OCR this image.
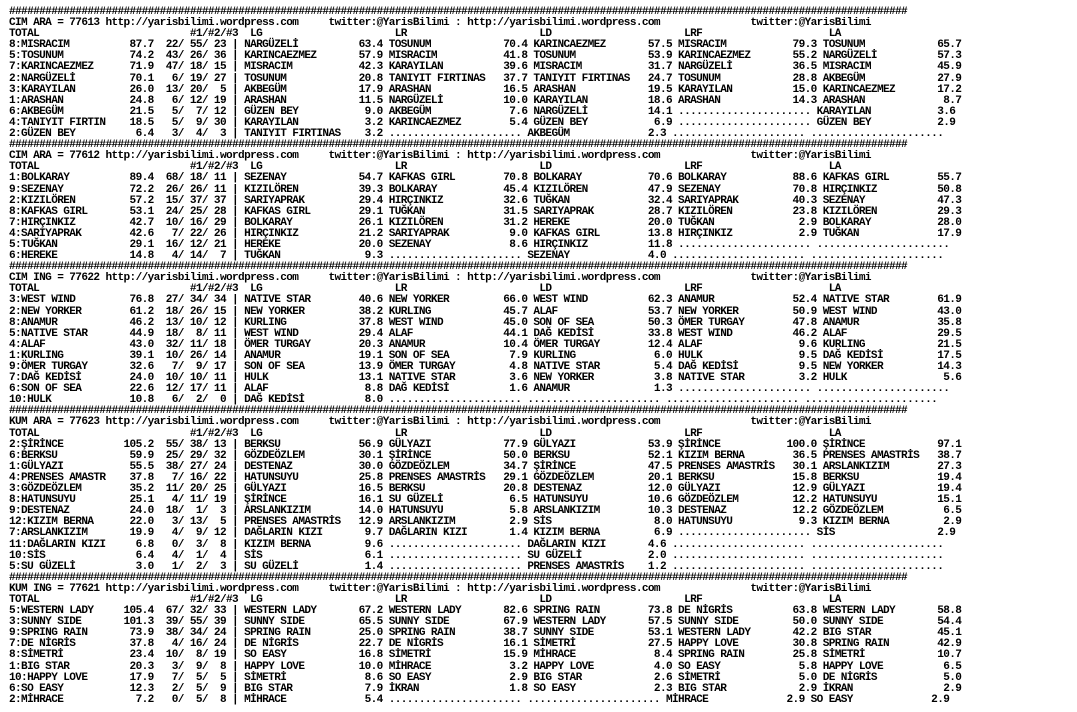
#####################################################################################################################################################
CIM ARA = 77613 http://yarisbilimi.wordpress.com     twitter:@YarisBilimi : http://yarisbilimi.wordpress.com               twitter:@YarisBilimi
TOTAL                         #1/#2/#3  LG                      LR                      LD                      LRF                     LA
8:MISRACIM          87.7  22/ 55/ 23 | NARGÜZELİ          63.4 TOSUNUM            70.4 KARINCAEZMEZ       57.5 MISRACIM           79.3 TOSUNUM            65.7
5:TOSUNUM           74.2  43/ 26/ 36 | KARINCAEZMEZ       57.9 MISRACIM           41.8 TOSUNUM            53.9 KARINCAEZMEZ       55.2 NARGÜZELİ          57.3
7:KARINCAEZMEZ      71.9  47/ 18/ 15 | MISRACIM           42.3 KARAYILAN          39.6 MISRACIM           31.7 NARGÜZELİ          36.5 MISRACIM           45.9
2:NARGÜZELİ         70.1   6/ 19/ 27 | TOSUNUM            20.8 TANIYIT FIRTINAS   37.7 TANIYIT FIRTINAS   24.7 TOSUNUM            28.8 AKBEGÜM            27.9
3:KARAYILAN         26.0  13/ 20/  5 | AKBEGÜM            17.9 ARASHAN            16.5 ARASHAN            19.5 KARAYILAN          15.0 KARINCAEZMEZ       17.2
1:ARASHAN           24.8   6/ 12/ 19 | ARASHAN            11.5 NARGÜZELİ          10.0 KARAYILAN          18.6 ARASHAN            14.3 ARASHAN             8.7
6:AKBEGÜM           21.5   5/  7/ 12 | GÜZEN BEY           9.0 AKBEGÜM             7.6 NARGÜZELİ          14.1 ...................... KARAYILAN           3.6
4:TANIYIT FIRTIN    18.5   5/  9/ 30 | KARAYILAN           3.2 KARINCAEZMEZ        5.4 GÜZEN BEY           6.9 ...................... GÜZEN BEY           2.9
2:GÜZEN BEY          6.4   3/  4/  3 | TANIYIT FIRTINAS    3.2 ...................... AKBEGÜM             2.3 ...................... ......................
#####################################################################################################################################################
CIM ARA = 77612 http://yarisbilimi.wordpress.com     twitter:@YarisBilimi : http://yarisbilimi.wordpress.com               twitter:@YarisBilimi
TOTAL                         #1/#2/#3  LG                      LR                      LD                      LRF                     LA
1:BOLKARAY          89.4  68/ 18/ 11 | SEZENAY            54.7 KAFKAS GIRL        70.8 BOLKARAY           70.6 BOLKARAY           88.6 KAFKAS GIRL        55.7
9:SEZENAY           72.2  26/ 26/ 11 | KIZILÖREN          39.3 BOLKARAY           45.4 KIZILÖREN          47.9 SEZENAY            70.8 HIRÇINKIZ          50.8
2:KIZILÖREN         57.2  15/ 37/ 37 | SARIYAPRAK         29.4 HIRÇINKIZ          32.6 TUĞKAN             32.4 SARIYAPRAK         40.3 SEZENAY            47.3
8:KAFKAS GIRL       53.1  24/ 25/ 28 | KAFKAS GIRL        29.1 TUĞKAN             31.5 SARIYAPRAK         28.7 KIZILÖREN          23.8 KIZILÖREN          29.3
7:HIRÇINKIZ         42.7  10/ 16/ 29 | BOLKARAY           26.1 KIZILÖREN          31.2 HEREKE             20.0 TUĞKAN              2.9 BOLKARAY           28.0
4:SARIYAPRAK        42.6   7/ 22/ 26 | HIRÇINKIZ          21.2 SARIYAPRAK          9.0 KAFKAS GIRL        13.8 HIRÇINKIZ           2.9 TUĞKAN             17.9
5:TUĞKAN            29.1  16/ 12/ 21 | HEREKE             20.0 SEZENAY             8.6 HIRÇINKIZ          11.8 ...................... ......................
6:HEREKE            14.8   4/ 14/  7 | TUĞKAN              9.3 ...................... SEZENAY             4.0 ...................... ......................
#####################################################################################################################################################
CIM ING = 77622 http://yarisbilimi.wordpress.com     twitter:@YarisBilimi : http://yarisbilimi.wordpress.com               twitter:@YarisBilimi
TOTAL                         #1/#2/#3  LG                      LR                      LD                      LRF                     LA
3:WEST WIND         76.8  27/ 34/ 34 | NATIVE STAR        40.6 NEW YORKER         66.0 WEST WIND          62.3 ANAMUR             52.4 NATIVE STAR        61.9
2:NEW YORKER        61.2  18/ 26/ 15 | NEW YORKER         38.2 KURLING            45.7 ALAF               53.7 NEW YORKER         50.9 WEST WIND          43.0
8:ANAMUR            46.2  13/ 10/ 12 | KURLING            37.8 WEST WIND          45.0 SON OF SEA         50.3 ÖMER TURGAY        47.8 ANAMUR             35.8
5:NATIVE STAR       44.9  18/  8/ 11 | WEST WIND          29.4 ALAF               44.1 DAĞ KEDİSİ         33.8 WEST WIND          46.2 ALAF               29.5
4:ALAF              43.0  32/ 11/ 18 | ÖMER TURGAY        20.3 ANAMUR             10.4 ÖMER TURGAY        12.4 ALAF                9.6 KURLING            21.5
1:KURLING           39.1  10/ 26/ 14 | ANAMUR             19.1 SON OF SEA          7.9 KURLING             6.0 HULK                9.5 DAĞ KEDİSİ         17.5
9:ÖMER TURGAY       32.6   7/  9/ 17 | SON OF SEA         13.9 ÖMER TURGAY         4.8 NATIVE STAR         5.4 DAĞ KEDİSİ          9.5 NEW YORKER         14.3
7:DAĞ KEDİSİ        24.0  10/ 10/ 11 | HULK               13.1 NATIVE STAR         3.6 NEW YORKER          3.8 NATIVE STAR         3.2 HULK                5.6
6:SON OF SEA        22.6  12/ 17/ 11 | ALAF                8.8 DAĞ KEDİSİ          1.6 ANAMUR              1.3 ...................... ......................
10:HULK             10.8   6/  2/  0 | DAĞ KEDİSİ          8.0 ...................... ...................... ...................... ......................
#####################################################################################################################################################
KUM ARA = 77623 http://yarisbilimi.wordpress.com     twitter:@YarisBilimi : http://yarisbilimi.wordpress.com               twitter:@YarisBilimi
TOTAL                         #1/#2/#3  LG                      LR                      LD                      LRF                     LA
2:ŞİRİNCE          105.2  55/ 38/ 13 | BERKSU             56.9 GÜLYAZI            77.9 GÜLYAZI            53.9 ŞİRİNCE           100.0 ŞİRİNCE            97.1
6:BERKSU            59.9  25/ 29/ 32 | GÖZDEÖZLEM         30.1 ŞİRİNCE            50.0 BERKSU             52.1 KIZIM BERNA        36.5 PRENSES AMASTRİS   38.7
1:GÜLYAZI           55.5  38/ 27/ 24 | DESTENAZ           30.0 GÖZDEÖZLEM         34.7 ŞİRİNCE            47.5 PRENSES AMASTRİS   30.1 ARSLANKIZIM        27.3
4:PRENSES AMASTR    37.8   7/ 16/ 22 | HATUNSUYU          25.8 PRENSES AMASTRİS   29.1 GÖZDEÖZLEM         20.1 BERKSU             15.8 BERKSU             19.4
3:GÖZDEÖZLEM        35.2  11/ 20/ 25 | GÜLYAZI            16.5 BERKSU             20.8 DESTENAZ           12.0 GÜLYAZI            12.9 GÜLYAZI            19.4
8:HATUNSUYU         25.1   4/ 11/ 19 | ŞİRİNCE            16.1 SU GÜZELİ           6.5 HATUNSUYU          10.6 GÖZDEÖZLEM         12.2 HATUNSUYU          15.1
9:DESTENAZ          24.0  18/  1/  3 | ARSLANKIZIM        14.0 HATUNSUYU           5.8 ARSLANKIZIM        10.3 DESTENAZ           12.2 GÖZDEÖZLEM          6.5
12:KIZIM BERNA      22.0   3/ 13/  5 | PRENSES AMASTRİS   12.9 ARSLANKIZIM         2.9 SİS                 8.0 HATUNSUYU           9.3 KIZIM BERNA         2.9
7:ARSLANKIZIM       19.9   4/  9/ 12 | DAĞLARIN KIZI       9.7 DAĞLARIN KIZI       1.4 KIZIM BERNA         6.9 ...................... SİS                 2.9
11:DAĞLARIN KIZI     6.8   0/  3/  8 | KIZIM BERNA         9.6 ...................... DAĞLARIN KIZI       4.6 ...................... ......................
10:SİS               6.4   4/  1/  4 | SİS                 6.1 ...................... SU GÜZELİ           2.0 ...................... ......................
5:SU GÜZELİ          3.0   1/  2/  3 | SU GÜZELİ           1.4 ...................... PRENSES AMASTRİS    1.2 ...................... ......................
#####################################################################################################################################################
KUM ING = 77621 http://yarisbilimi.wordpress.com     twitter:@YarisBilimi : http://yarisbilimi.wordpress.com               twitter:@YarisBilimi
TOTAL                         #1/#2/#3  LG                      LR                      LD                      LRF                     LA
5:WESTERN LADY     105.4  67/ 32/ 33 | WESTERN LADY       67.2 WESTERN LADY       82.6 SPRING RAIN        73.8 DE NİGRİS          63.8 WESTERN LADY       58.8
3:SUNNY SIDE       101.3  39/ 55/ 39 | SUNNY SIDE         65.5 SUNNY SIDE         67.9 WESTERN LADY       57.5 SUNNY SIDE         50.0 SUNNY SIDE         54.4
9:SPRING RAIN       73.9  38/ 34/ 24 | SPRING RAIN        25.0 SPRING RAIN        38.7 SUNNY SIDE         53.1 WESTERN LADY       42.2 BIG STAR           45.1
7:DE NİGRİS         37.8   4/ 16/ 24 | DE NİGRİS          22.7 DE NİGRİS          16.1 SİMETRİ            27.5 HAPPY LOVE         30.8 SPRING RAIN        42.9
8:SİMETRİ           23.4  10/  8/ 19 | SO EASY            16.8 SİMETRİ            15.9 MİHRACE             8.4 SPRING RAIN        25.8 SİMETRİ            10.7
1:BIG STAR          20.3   3/  9/  8 | HAPPY LOVE         10.0 MİHRACE             3.2 HAPPY LOVE          4.0 SO EASY             5.8 HAPPY LOVE          6.5
10:HAPPY LOVE       17.9   7/  5/  5 | SİMETRİ             8.6 SO EASY             2.9 BIG STAR            2.6 SİMETRİ             5.0 DE NİGRİS           5.0
6:SO EASY           12.3   2/  5/  9 | BIG STAR            7.9 İKRAN               1.8 SO EASY             2.3 BIG STAR            2.9 İKRAN               2.9
2:MİHRACE            7.2   0/  5/  8 | MİHRACE             5.4 ...................... ...................... MİHRACE             2.9 SO EASY             2.9
